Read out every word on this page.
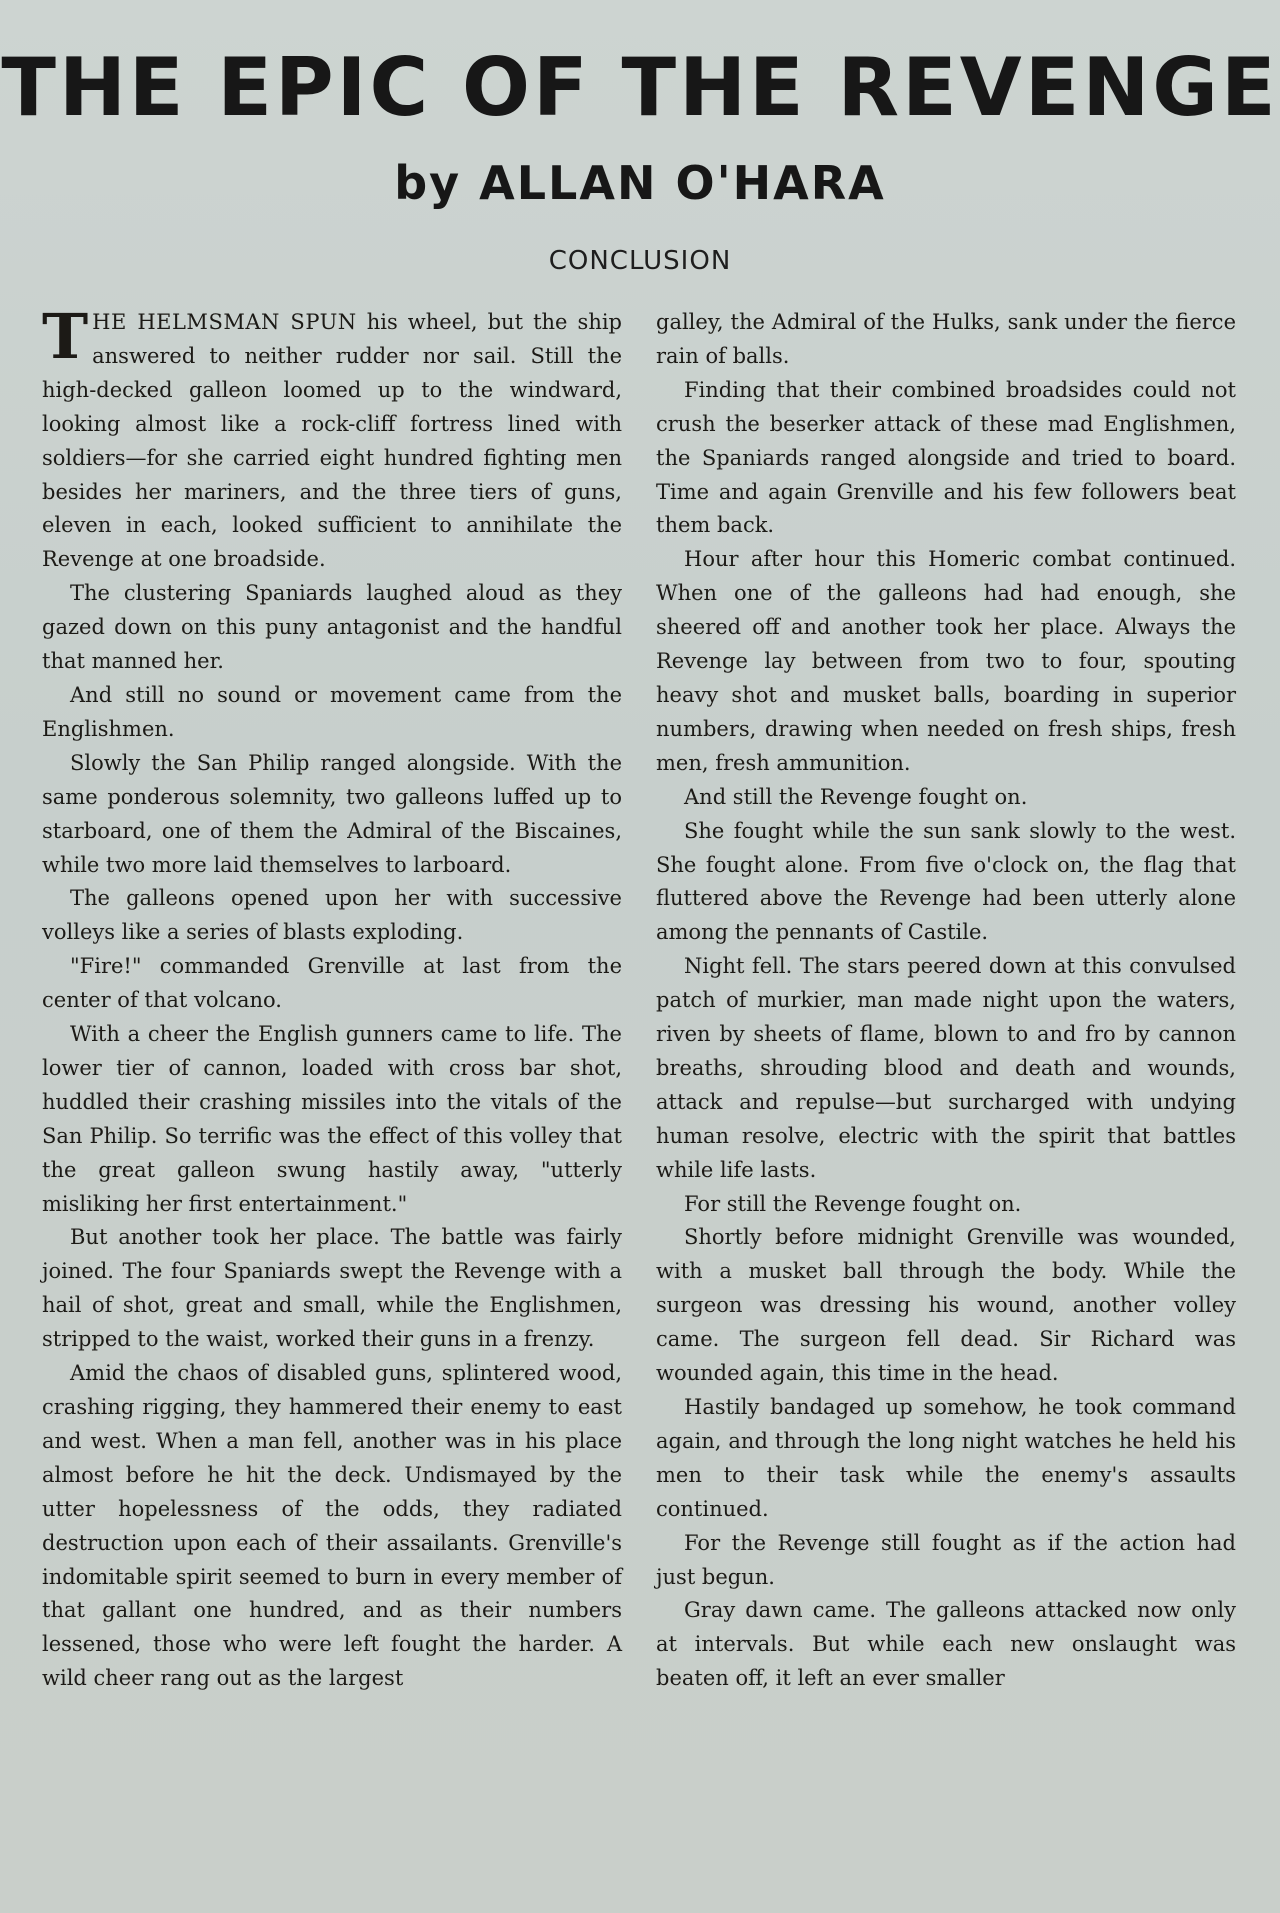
THE EPIC OF THE REVENGE
by ALLAN O'HARA
CONCLUSION

THE HELMSMAN SPUN his wheel, but the ship answered to neither rudder nor sail. Still the high-decked galleon loomed up to the windward, looking almost like a rock-cliff fortress lined with soldiers—for she carried eight hundred fighting men besides her mariners, and the three tiers of guns, eleven in each, looked sufficient to annihilate the Revenge at one broadside.

The clustering Spaniards laughed aloud as they gazed down on this puny antagonist and the handful that manned her.

And still no sound or movement came from the Englishmen.

Slowly the San Philip ranged alongside. With the same ponderous solemnity, two galleons luffed up to starboard, one of them the Admiral of the Biscaines, while two more laid themselves to larboard.

The galleons opened upon her with successive volleys like a series of blasts exploding.

"Fire!" commanded Grenville at last from the center of that volcano.

With a cheer the English gunners came to life. The lower tier of cannon, loaded with cross bar shot, huddled their crashing missiles into the vitals of the San Philip. So terrific was the effect of this volley that the great galleon swung hastily away, "utterly misliking her first entertainment."

But another took her place. The battle was fairly joined. The four Spaniards swept the Revenge with a hail of shot, great and small, while the Englishmen, stripped to the waist, worked their guns in a frenzy.

Amid the chaos of disabled guns, splintered wood, crashing rigging, they hammered their enemy to east and west. When a man fell, another was in his place almost before he hit the deck. Undismayed by the utter hopelessness of the odds, they radiated destruction upon each of their assailants. Grenville's indomitable spirit seemed to burn in every member of that gallant one hundred, and as their numbers lessened, those who were left fought the harder. A wild cheer rang out as the largest

galley, the Admiral of the Hulks, sank under the fierce rain of balls.

Finding that their combined broadsides could not crush the beserker attack of these mad Englishmen, the Spaniards ranged alongside and tried to board. Time and again Grenville and his few followers beat them back.

Hour after hour this Homeric combat continued. When one of the galleons had had enough, she sheered off and another took her place. Always the Revenge lay between from two to four, spouting heavy shot and musket balls, boarding in superior numbers, drawing when needed on fresh ships, fresh men, fresh ammunition.

And still the Revenge fought on.

She fought while the sun sank slowly to the west. She fought alone. From five o'clock on, the flag that fluttered above the Revenge had been utterly alone among the pennants of Castile.

Night fell. The stars peered down at this convulsed patch of murkier, man made night upon the waters, riven by sheets of flame, blown to and fro by cannon breaths, shrouding blood and death and wounds, attack and repulse—but surcharged with undying human resolve, electric with the spirit that battles while life lasts.

For still the Revenge fought on.

Shortly before midnight Grenville was wounded, with a musket ball through the body. While the surgeon was dressing his wound, another volley came. The surgeon fell dead. Sir Richard was wounded again, this time in the head.

Hastily bandaged up somehow, he took command again, and through the long night watches he held his men to their task while the enemy's assaults continued.

For the Revenge still fought as if the action had just begun.

Gray dawn came. The galleons attacked now only at intervals. But while each new onslaught was beaten off, it left an ever smaller
